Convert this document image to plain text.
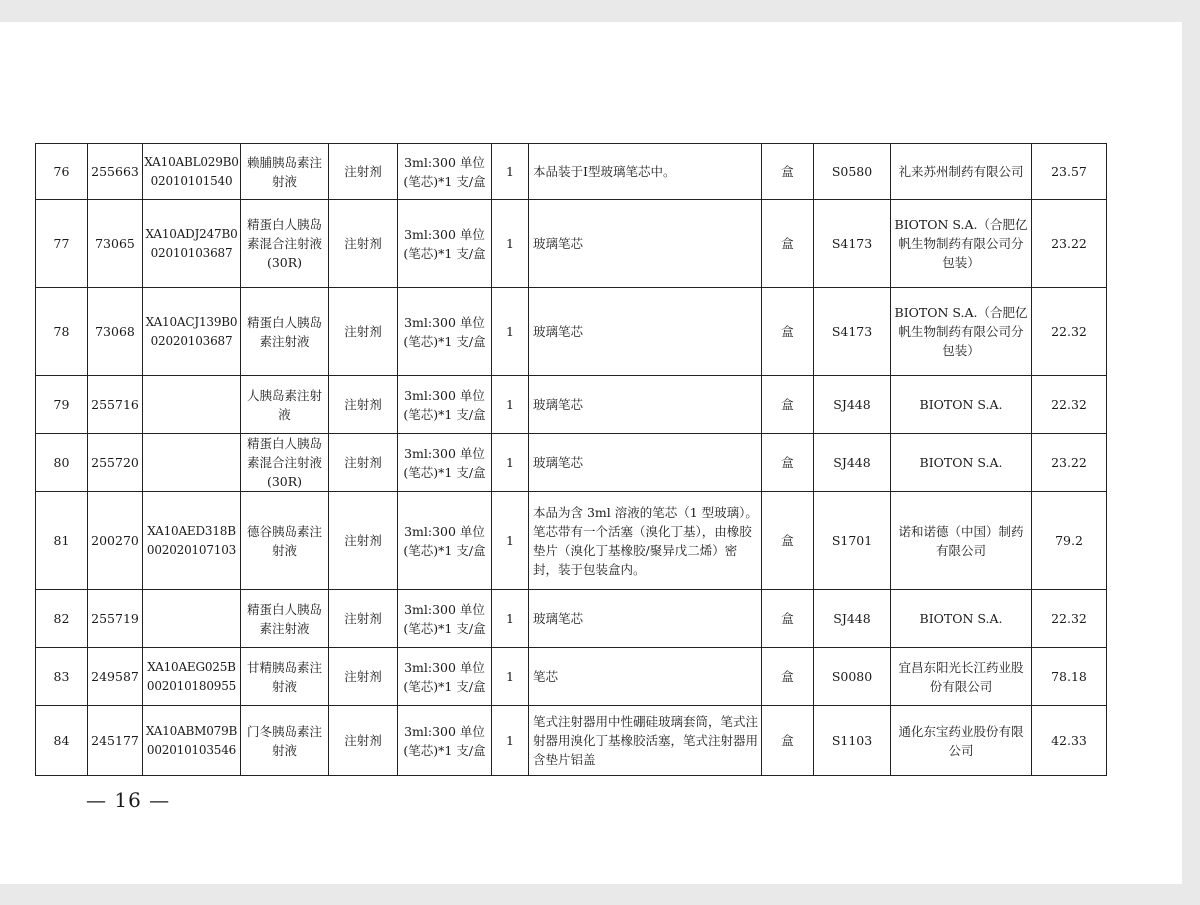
76	255663	XA10ABL029B002010101540	赖脯胰岛素注射液	注射剂	3ml:300 单位(笔芯)*1 支/盒	1	本品装于Ⅰ型玻璃笔芯中。	盒	S0580	礼来苏州制药有限公司	23.57
77	73065	XA10ADJ247B002010103687	精蛋白人胰岛素混合注射液(30R)	注射剂	3ml:300 单位(笔芯)*1 支/盒	1	玻璃笔芯	盒	S4173	BIOTON S.A.（合肥亿帆生物制药有限公司分包装）	23.22
78	73068	XA10ACJ139B002020103687	精蛋白人胰岛素注射液	注射剂	3ml:300 单位(笔芯)*1 支/盒	1	玻璃笔芯	盒	S4173	BIOTON S.A.（合肥亿帆生物制药有限公司分包装）	22.32
79	255716		人胰岛素注射液	注射剂	3ml:300 单位(笔芯)*1 支/盒	1	玻璃笔芯	盒	SJ448	BIOTON S.A.	22.32
80	255720		精蛋白人胰岛素混合注射液(30R)	注射剂	3ml:300 单位(笔芯)*1 支/盒	1	玻璃笔芯	盒	SJ448	BIOTON S.A.	23.22
81	200270	XA10AED318B002020107103	德谷胰岛素注射液	注射剂	3ml:300 单位(笔芯)*1 支/盒	1	本品为含 3ml 溶液的笔芯（1 型玻璃）。笔芯带有一个活塞（溴化丁基），由橡胶垫片（溴化丁基橡胶/聚异戊二烯）密封，装于包装盒内。	盒	S1701	诺和诺德（中国）制药有限公司	79.2
82	255719		精蛋白人胰岛素注射液	注射剂	3ml:300 单位(笔芯)*1 支/盒	1	玻璃笔芯	盒	SJ448	BIOTON S.A.	22.32
83	249587	XA10AEG025B002010180955	甘精胰岛素注射液	注射剂	3ml:300 单位(笔芯)*1 支/盒	1	笔芯	盒	S0080	宜昌东阳光长江药业股份有限公司	78.18
84	245177	XA10ABM079B002010103546	门冬胰岛素注射液	注射剂	3ml:300 单位(笔芯)*1 支/盒	1	笔式注射器用中性硼硅玻璃套筒，笔式注射器用溴化丁基橡胶活塞，笔式注射器用含垫片铝盖	盒	S1103	通化东宝药业股份有限公司	42.33
— 16 —
